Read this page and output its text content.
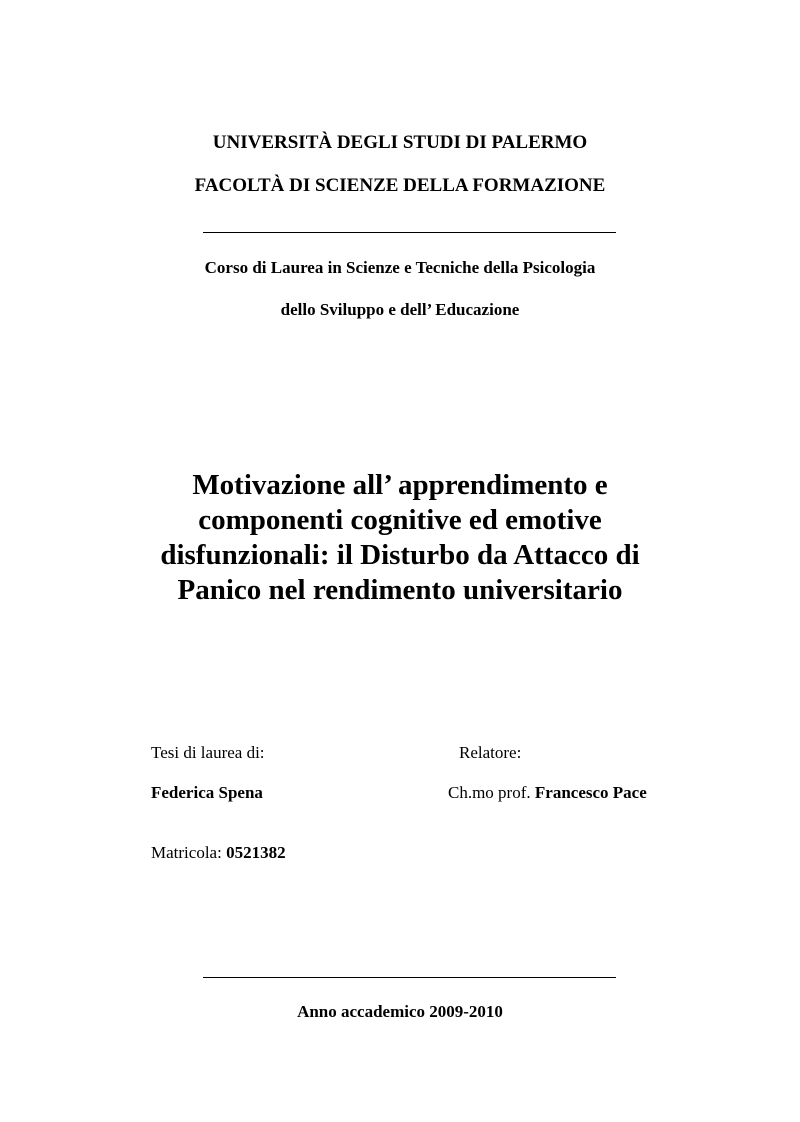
UNIVERSITÀ DEGLI STUDI DI PALERMO

FACOLTÀ DI SCIENZE DELLA FORMAZIONE

Corso di Laurea in Scienze e Tecniche della Psicologia

dello Sviluppo e dell’ Educazione

Motivazione all’ apprendimento e
componenti cognitive ed emotive
disfunzionali: il Disturbo da Attacco di
Panico nel rendimento universitario

Tesi di laurea di:	Relatore:

Federica Spena	Ch.mo prof. Francesco Pace

Matricola: 0521382

Anno accademico 2009-2010
